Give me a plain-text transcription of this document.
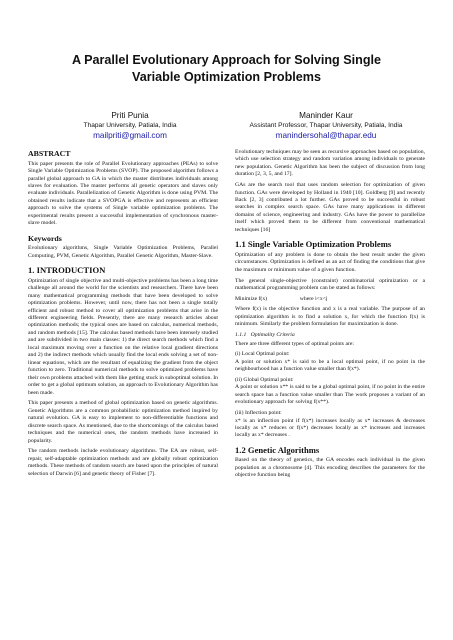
A Parallel Evolutionary Approach for Solving Single
Variable Optimization Problems
Priti Punia
Thapar University, Patiala, India
mailpriti@gmail.com
Maninder Kaur
Assistant Professor, Thapar University, Patiala, India
manindersohal@thapar.edu
ABSTRACT

This paper presents the role of Parallel Evolutionary approaches (PEAs) to solve Single Variable Optimization Problems (SVOP). The proposed algorithm follows a parallel global approach to GA in which the master distributes individuals among slaves for evaluation. The master performs all genetic operators and slaves only evaluate individuals. Parallelization of Genetic Algorithm is done using PVM. The obtained results indicate that a SVOPGA is effective and represents an efficient approach to solve the systems of Single variable optimization problems. The experimental results present a successful implementation of synchronous master-slave model.

Keywords

Evolutionary algorithms, Single Variable Optimization Problems, Parallel Computing, PVM, Genetic Algorithm, Parallel Genetic Algorithm, Master-Slave.

1. INTRODUCTION

Optimization of single objective and multi-objective problems has been a long time challenge all around the world for the scientists and researchers. There have been many mathematical programming methods that have been developed to solve optimization problems. However, until now, there has not been a single totally efficient and robust method to cover all optimization problems that arise in the different engineering fields. Presently, there are many research articles about optimization methods; the typical ones are based on calculus, numerical methods, and random methods [15]. The calculus based methods have been intensely studied and are subdivided in two main classes: 1) the direct search methods which find a local maximum moving over a function on the relative local gradient directions and 2) the indirect methods which usually find the local ends solving a set of non-linear equations, which are the resultant of equalizing the gradient from the object function to zero. Traditional numerical methods to solve optimized problems have their own problems attached with them like getting stuck in suboptimal solution. In order to get a global optimum solution, an approach to Evolutionary Algorithm has been made.

This paper presents a method of global optimization based on genetic algorithms. Genetic Algorithms are a common probabilistic optimization method inspired by natural evolution. GA is easy to implement to non-differentiable functions and discrete search space. As mentioned, due to the shortcomings of the calculus based techniques and the numerical ones, the random methods have increased in popularity.

The random methods include evolutionary algorithms. The EA are robust, self-repair, self-adaptable optimization methods and are globally robust optimization methods. These methods of random search are based upon the principles of natural selection of Darwin [6] and genetic theory of Fisher [7].

Evolutionary techniques may be seen as recursive approaches based on population, which use selection strategy and random variation among individuals to generate new population. Genetic Algorithm has been the subject of discussion from long duration [2, 3, 5, and 17].

GAs are the search tool that uses random selection for optimization of given function. GAs were developed by Holland in 1940 [10]. Goldberg [9] and recently Back [2, 3] contributed a lot further. GAs proved to be successful in robust searches in complex search space. GAs have many applications in different domains of science, engineering and industry. GAs have the power to parallelize itself which proved them to be different from conventional mathematical techniques [16]

1.1 Single Variable Optimization Problems

Optimization of any problem is done to obtain the best result under the given circumstances. Optimization is defined as an act of finding the conditions that give the maximum or minimum value of a given function.

The general single-objective (constraint) combinatorial optimization or a mathematical programming problem can be stated as follows:

Minimize f(x)                       where i<x<j

Where f(x) is the objective function and x is a real variable. The purpose of an optimization algorithm is to find a solution x, for which the function f(x) is minimum. Similarly the problem formulation for maximization is done.

1.1.1   Optimality Criteria

There are three different types of optimal points are:

(i) Local Optimal point:

A point or solution x* is said to be a local optimal point, if no point in the neighbourhood has a function value smaller than f(x*).

(ii) Global Optimal point:

A point or solution x** is said to be a global optimal point, if no point in the entire search space has a function value smaller than The work proposes a variant of an evolutionary approach for solving f(x**).

(iii) Inflection point:

x* is an inflection point if f(x*) increases locally as x* increases & decreases locally as x* reduces or f(x*) decreases locally as x* increases and increases locally as x* decreases .

1.2 Genetic Algorithms

Based on the theory of genetics, the GA encodes each individual in the given population as a chromosome [4]. This encoding describes the parameters for the objective function being
